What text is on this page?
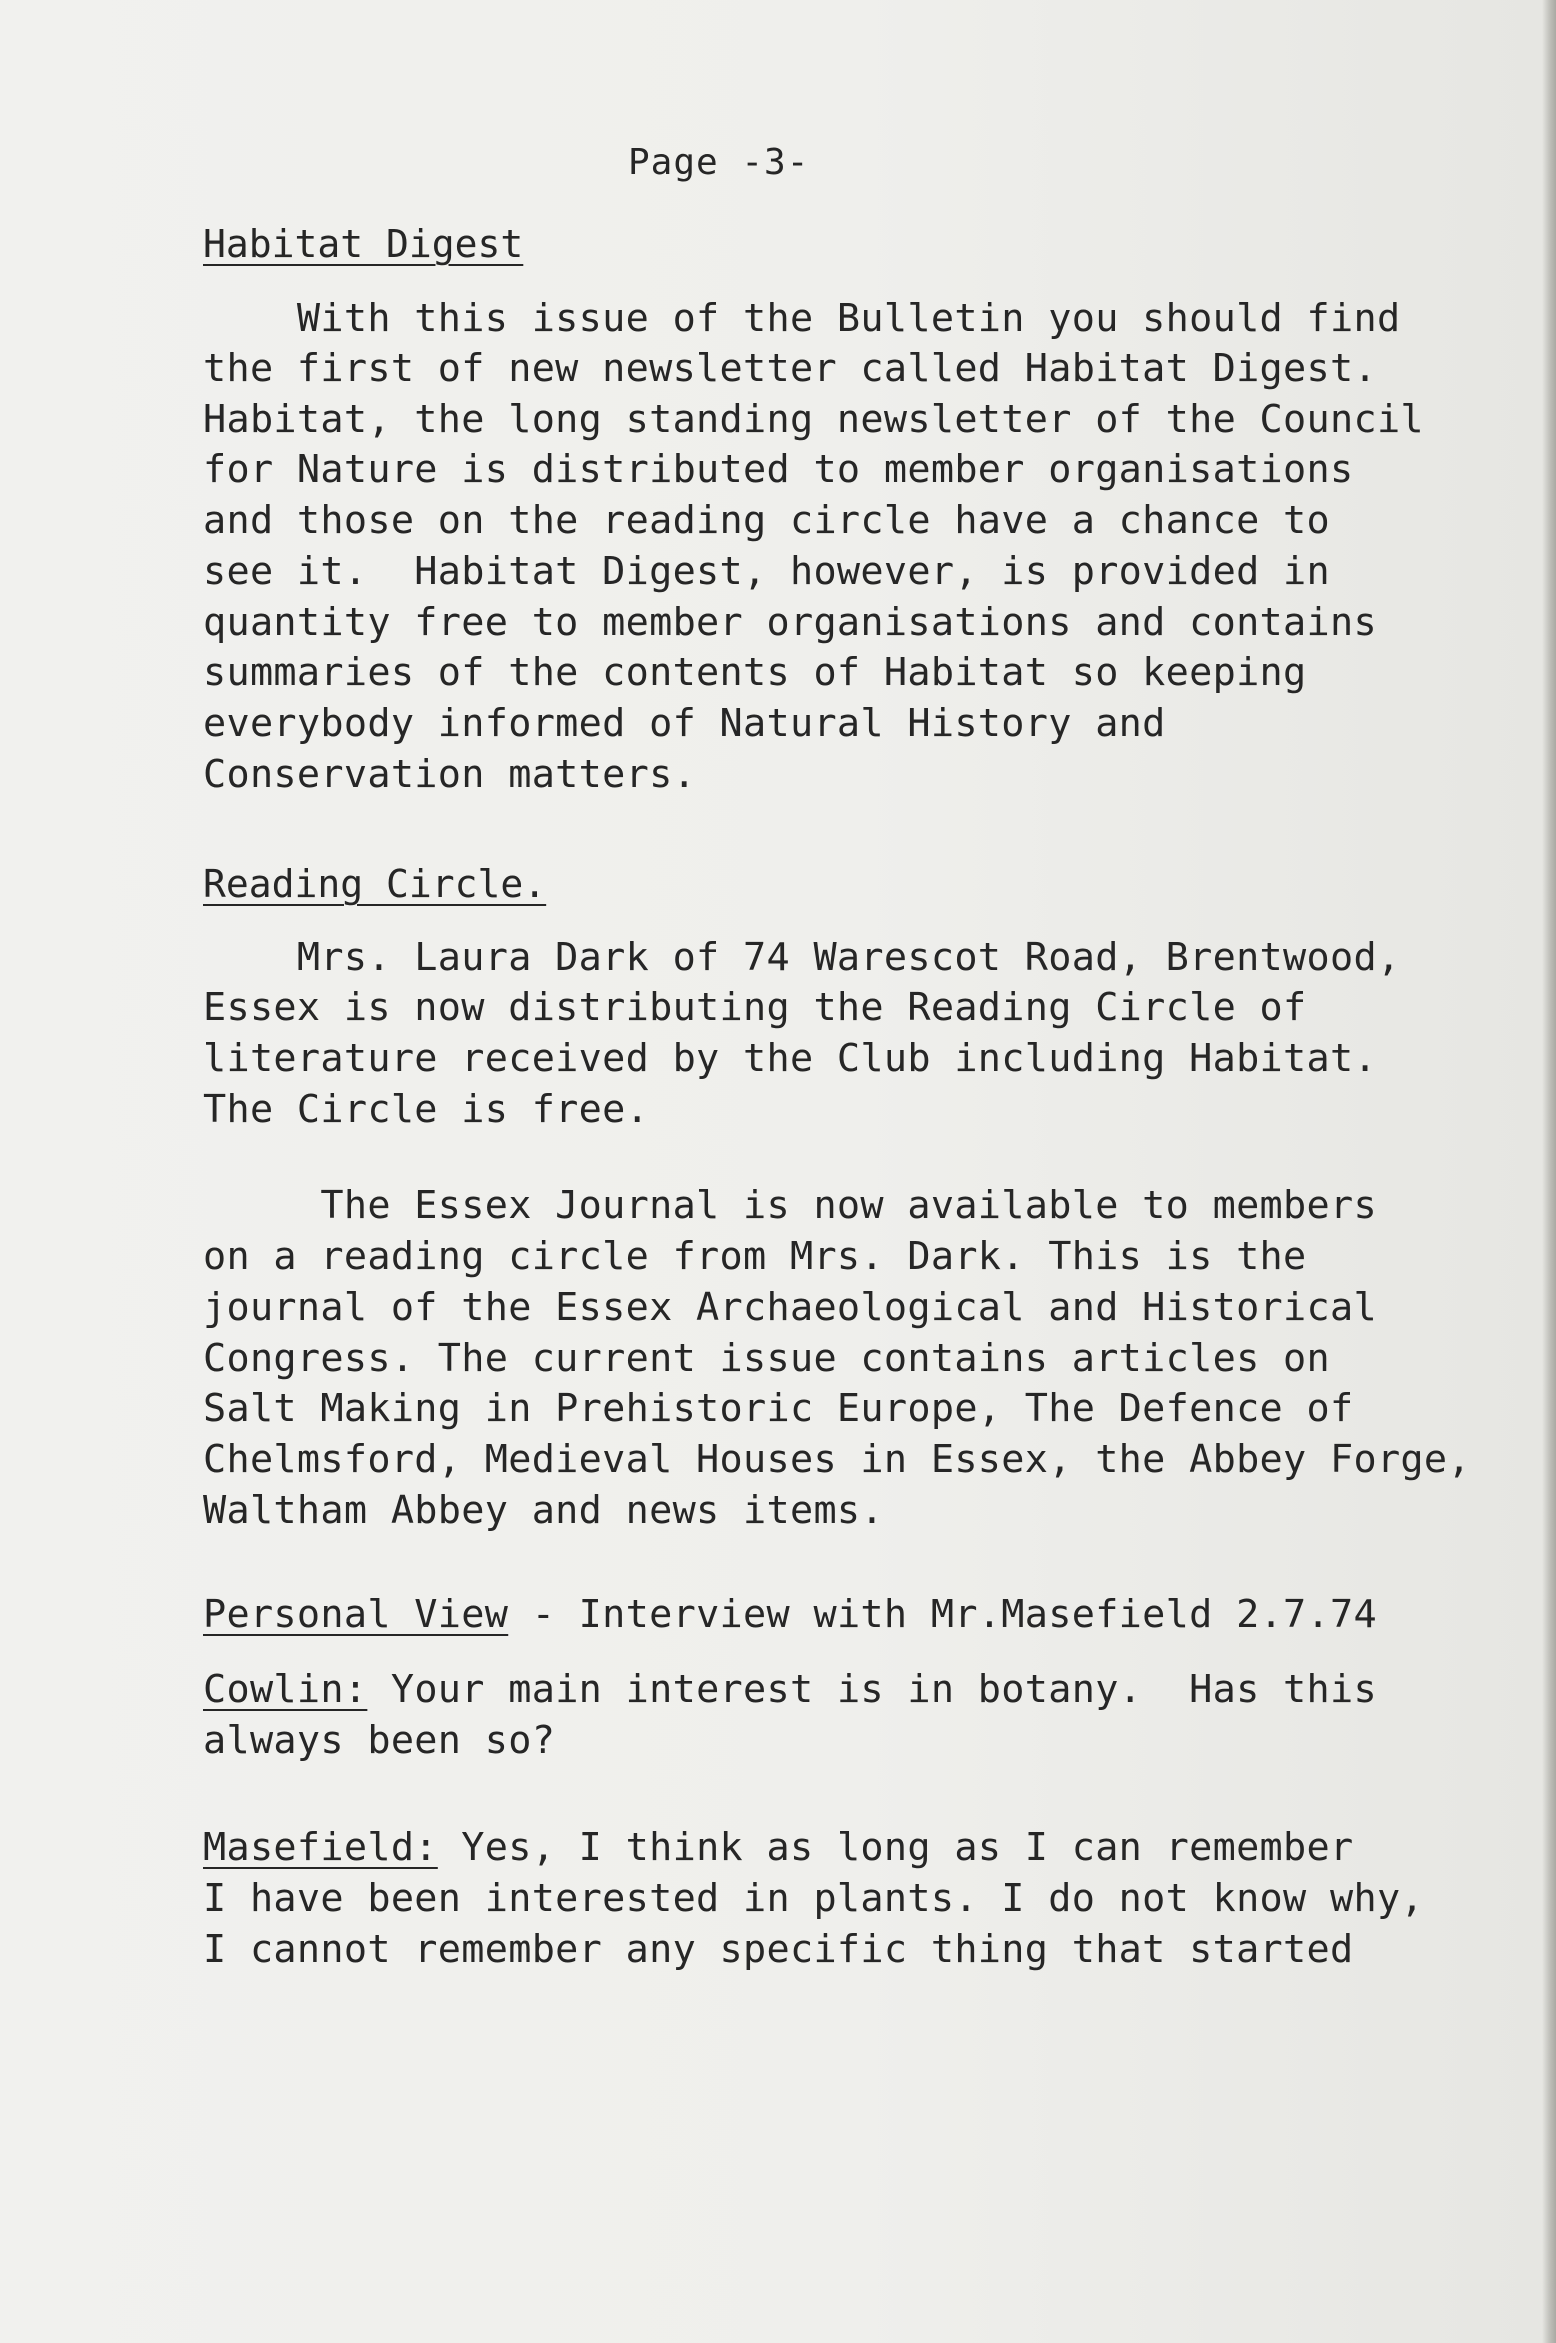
Page -3-
Habitat Digest
With this issue of the Bulletin you should find
the first of new newsletter called Habitat Digest.
Habitat, the long standing newsletter of the Council
for Nature is distributed to member organisations
and those on the reading circle have a chance to
see it.  Habitat Digest, however, is provided in
quantity free to member organisations and contains
summaries of the contents of Habitat so keeping
everybody informed of Natural History and
Conservation matters.
Reading Circle.
Mrs. Laura Dark of 74 Warescot Road, Brentwood,
Essex is now distributing the Reading Circle of
literature received by the Club including Habitat.
The Circle is free.
The Essex Journal is now available to members
on a reading circle from Mrs. Dark. This is the
journal of the Essex Archaeological and Historical
Congress. The current issue contains articles on
Salt Making in Prehistoric Europe, The Defence of
Chelmsford, Medieval Houses in Essex, the Abbey Forge,
Waltham Abbey and news items.
Personal View - Interview with Mr.Masefield 2.7.74
Cowlin: Your main interest is in botany.  Has this
always been so?
Masefield: Yes, I think as long as I can remember
I have been interested in plants. I do not know why,
I cannot remember any specific thing that started
